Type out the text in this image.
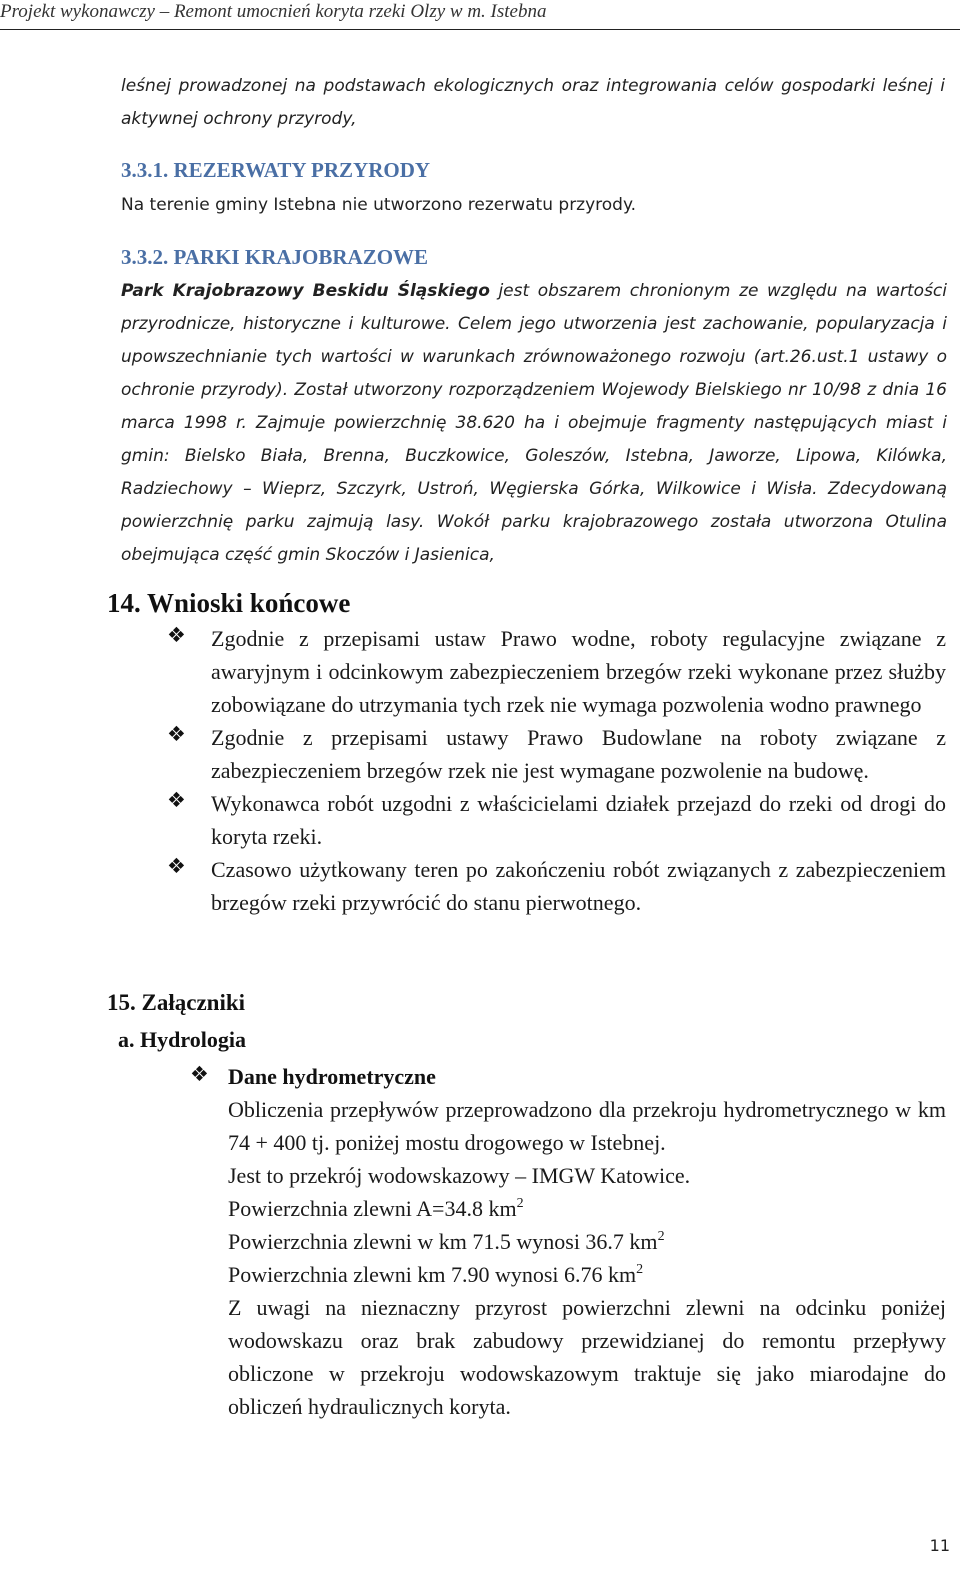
Projekt wykonawczy – Remont umocnień koryta rzeki Olzy w m. Istebna
leśnej prowadzonej na podstawach ekologicznych oraz integrowania celów gospodarki leśnej i aktywnej ochrony przyrody,
3.3.1. REZERWATY PRZYRODY
Na terenie gminy Istebna nie utworzono rezerwatu przyrody.
3.3.2. PARKI KRAJOBRAZOWE
Park Krajobrazowy Beskidu Śląskiego jest obszarem chronionym ze względu na wartości przyrodnicze, historyczne i kulturowe. Celem jego utworzenia jest zachowanie, popularyzacja i upowszechnianie tych wartości w warunkach zrównoważonego rozwoju (art.26.ust.1 ustawy o ochronie przyrody). Został utworzony rozporządzeniem Wojewody Bielskiego nr 10/98 z dnia 16 marca 1998 r. Zajmuje powierzchnię 38.620 ha i obejmuje fragmenty następujących miast i gmin: Bielsko Biała, Brenna, Buczkowice, Goleszów, Istebna, Jaworze, Lipowa, Kilówka, Radziechowy – Wieprz, Szczyrk, Ustroń, Węgierska Górka, Wilkowice i Wisła. Zdecydowaną powierzchnię parku zajmują lasy. Wokół parku krajobrazowego została utworzona Otulina obejmująca część gmin Skoczów i Jasienica,
14. Wnioski końcowe
❖ Zgodnie z przepisami ustaw Prawo wodne, roboty regulacyjne związane z awaryjnym i odcinkowym zabezpieczeniem brzegów rzeki wykonane przez służby zobowiązane do utrzymania tych rzek nie wymaga pozwolenia wodno prawnego
❖ Zgodnie z przepisami ustawy Prawo Budowlane na roboty związane z zabezpieczeniem brzegów rzek nie jest wymagane pozwolenie na budowę.
❖ Wykonawca robót uzgodni z właścicielami działek przejazd do rzeki od drogi do koryta rzeki.
❖ Czasowo użytkowany teren po zakończeniu robót związanych z zabezpieczeniem brzegów rzeki przywrócić do stanu pierwotnego.
15. Załączniki
a. Hydrologia
❖ Dane hydrometryczne
Obliczenia przepływów przeprowadzono dla przekroju hydrometrycznego w km 74 + 400 tj. poniżej mostu drogowego w Istebnej.
Jest to przekrój wodowskazowy – IMGW Katowice.
Powierzchnia zlewni A=34.8 $km^2$
Powierzchnia zlewni w km 71.5 wynosi 36.7 $km^2$
Powierzchnia zlewni km 7.90 wynosi 6.76 $km^2$
Z uwagi na nieznaczny przyrost powierzchni zlewni na odcinku poniżej wodowskazu oraz brak zabudowy przewidzianej do remontu przepływy obliczone w przekroju wodowskazowym traktuje się jako miarodajne do obliczeń hydraulicznych koryta.
11
